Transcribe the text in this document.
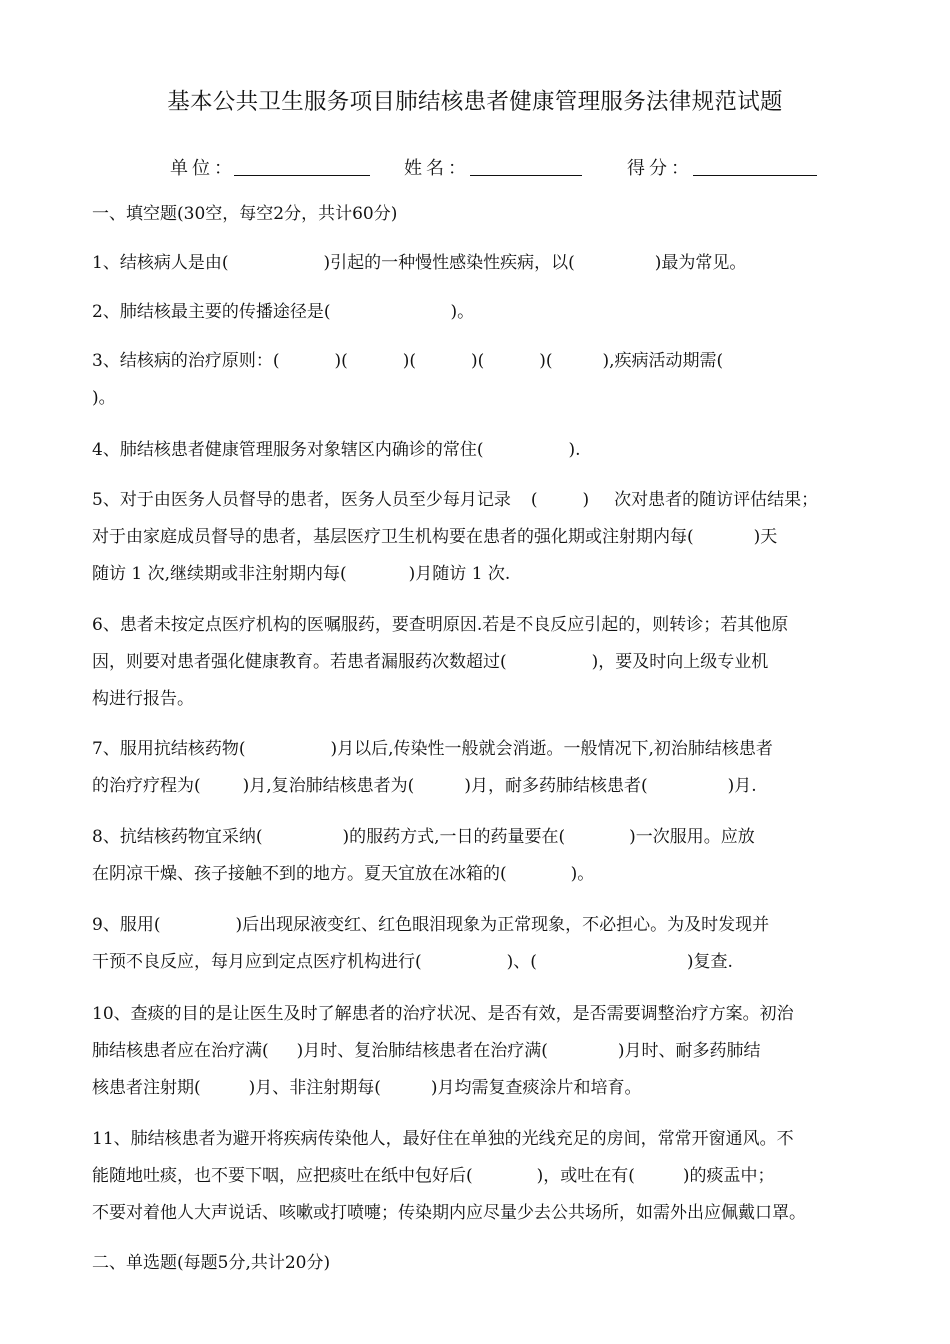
基本公共卫生服务项目肺结核患者健康管理服务法律规范试题
单位：	姓名：	得分：
一、填空题(30空，每空2分，共计60分)
1、结核病人是由(	)引起的一种慢性感染性疾病，以(	)最为常见。
2、肺结核最主要的传播途径是(	)。
3、结核病的治疗原则：(	)(	)(	)(	)(	),疾病活动期需(
)。
4、肺结核患者健康管理服务对象辖区内确诊的常住(	).
5、对于由医务人员督导的患者，医务人员至少每月记录 (	) 次对患者的随访评估结果；
对于由家庭成员督导的患者，基层医疗卫生机构要在患者的强化期或注射期内每(	)天
随访 1 次,继续期或非注射期内每(	)月随访 1 次.
6、患者未按定点医疗机构的医嘱服药，要查明原因.若是不良反应引起的，则转诊；若其他原
因，则要对患者强化健康教育。若患者漏服药次数超过(	)，要及时向上级专业机
构进行报告。
7、服用抗结核药物(	)月以后,传染性一般就会消逝。一般情况下,初治肺结核患者
的治疗疗程为( )月,复治肺结核患者为(	)月，耐多药肺结核患者(	)月.
8、抗结核药物宜采纳(	)的服药方式,一日的药量要在(	)一次服用。应放
在阴凉干燥、孩子接触不到的地方。夏天宜放在冰箱的(	)。
9、服用(	)后出现尿液变红、红色眼泪现象为正常现象，不必担心。为及时发现并
干预不良反应，每月应到定点医疗机构进行(	)、(	)复查.
10、查痰的目的是让医生及时了解患者的治疗状况、是否有效，是否需要调整治疗方案。初治
肺结核患者应在治疗满( )月时、复治肺结核患者在治疗满(	)月时、耐多药肺结
核患者注射期(	)月、非注射期每(	)月均需复查痰涂片和培育。
11、肺结核患者为避开将疾病传染他人，最好住在单独的光线充足的房间，常常开窗通风。不
能随地吐痰，也不要下咽，应把痰吐在纸中包好后(	)，或吐在有(	)的痰盂中；
不要对着他人大声说话、咳嗽或打喷嚏；传染期内应尽量少去公共场所，如需外出应佩戴口罩。
二、单选题(每题5分,共计20分)
